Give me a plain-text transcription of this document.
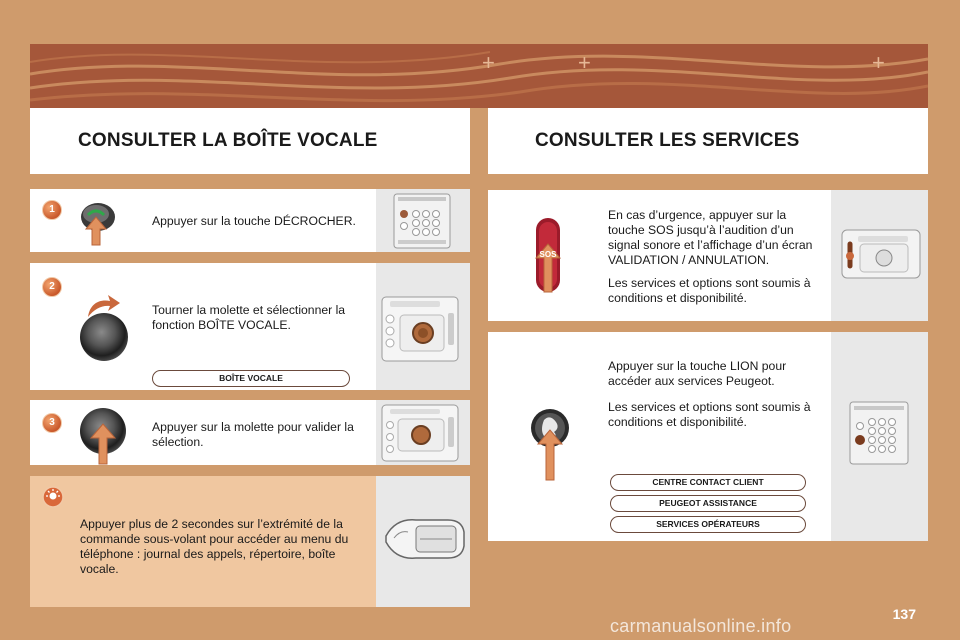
+	+	+
CONSULTER LA BOÎTE VOCALE
1
Appuyer sur la touche DÉCROCHER.
2
Tourner la molette et sélectionner la fonction BOÎTE VOCALE.
BOÎTE VOCALE
3	Appuyer sur la molette pour valider la sélection.
Appuyer plus de 2 secondes sur l’extrémité de la commande sous-volant pour accéder au menu du téléphone : journal des appels, répertoire, boîte vocale.
CONSULTER LES SERVICES
SOS
En cas d’urgence, appuyer sur la touche SOS jusqu’à l’audition d’un signal sonore et l’affichage d’un écran VALIDATION / ANNULATION.
Les services et options sont soumis à conditions et disponibilité.
Appuyer sur la touche LION pour accéder aux services Peugeot.
Les services et options sont soumis à conditions et disponibilité.
CENTRE CONTACT CLIENT
PEUGEOT ASSISTANCE
SERVICES OPÉRATEURS
137
carmanualsonline.info
